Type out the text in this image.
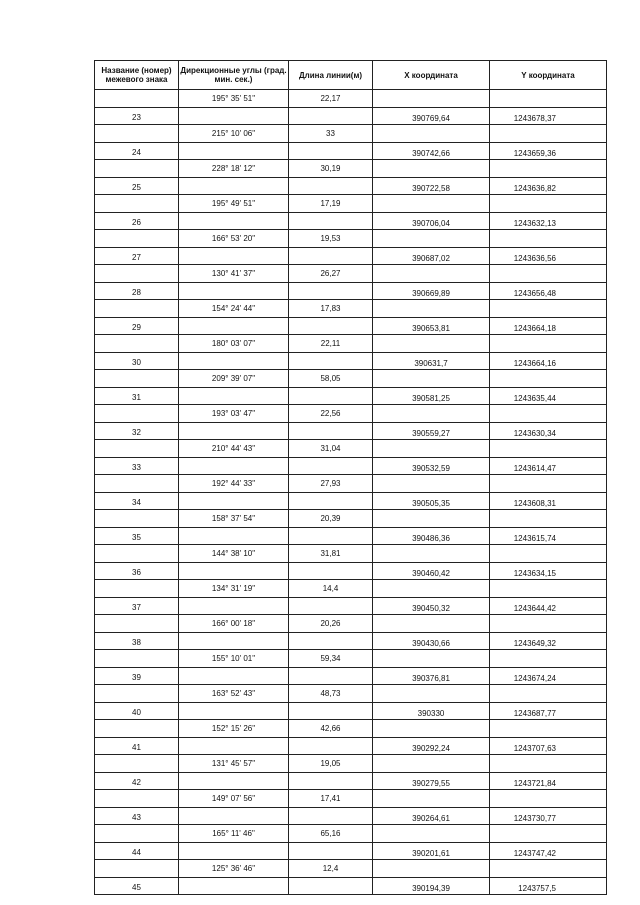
Название (номер) межевого знака	Дирекционные углы (град. мин. сек.)	Длина линии(м)	X координата	Y координата
	195° 35' 51"	22,17		
23			390769,64	1243678,37
	215° 10' 06"	33		
24			390742,66	1243659,36
	228° 18' 12"	30,19		
25			390722,58	1243636,82
	195° 49' 51"	17,19		
26			390706,04	1243632,13
	166° 53' 20"	19,53		
27			390687,02	1243636,56
	130° 41' 37"	26,27		
28			390669,89	1243656,48
	154° 24' 44"	17,83		
29			390653,81	1243664,18
	180° 03' 07"	22,11		
30			390631,7	1243664,16
	209° 39' 07"	58,05		
31			390581,25	1243635,44
	193° 03' 47"	22,56		
32			390559,27	1243630,34
	210° 44' 43"	31,04		
33			390532,59	1243614,47
	192° 44' 33"	27,93		
34			390505,35	1243608,31
	158° 37' 54"	20,39		
35			390486,36	1243615,74
	144° 38' 10"	31,81		
36			390460,42	1243634,15
	134° 31' 19"	14,4		
37			390450,32	1243644,42
	166° 00' 18"	20,26		
38			390430,66	1243649,32
	155° 10' 01"	59,34		
39			390376,81	1243674,24
	163° 52' 43"	48,73		
40			390330	1243687,77
	152° 15' 26"	42,66		
41			390292,24	1243707,63
	131° 45' 57"	19,05		
42			390279,55	1243721,84
	149° 07' 56"	17,41		
43			390264,61	1243730,77
	165° 11' 46"	65,16		
44			390201,61	1243747,42
	125° 36' 46"	12,4		
45			390194,39	1243757,5
